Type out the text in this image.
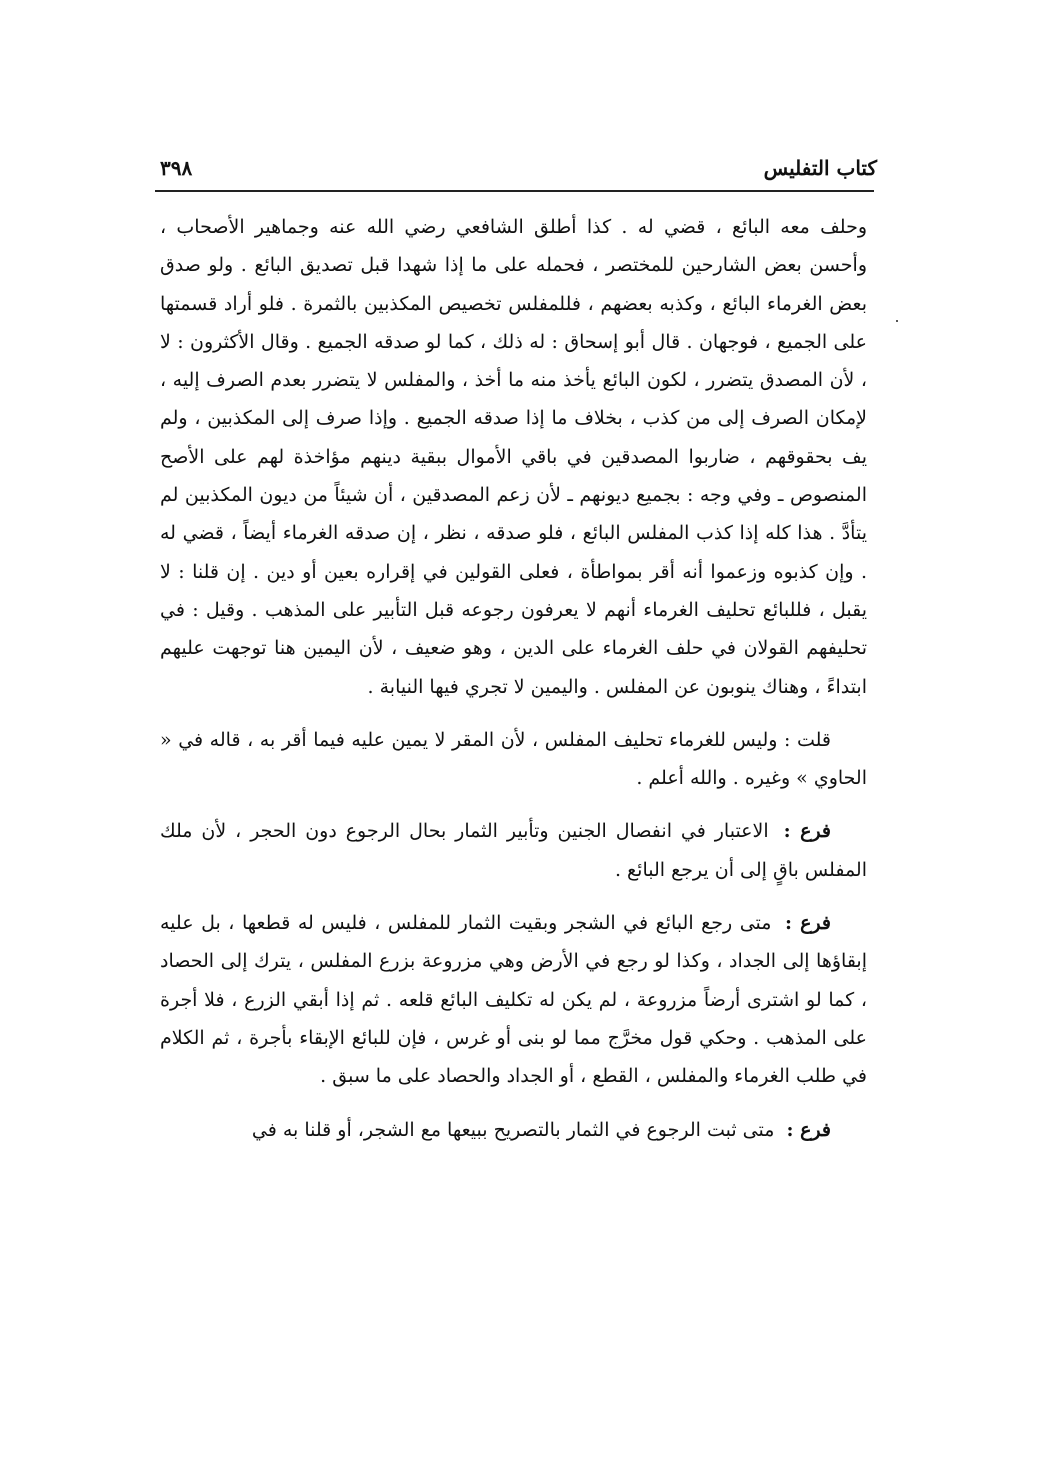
كتاب التفليس
٣٩٨

وحلف معه البائع ، قضي له . كذا أطلق الشافعي رضي الله عنه وجماهير الأصحاب ، وأحسن بعض الشارحين للمختصر ، فحمله على ما إذا شهدا قبل تصديق البائع . ولو صدق بعض الغرماء البائع ، وكذبه بعضهم ، فللمفلس تخصيص المكذبين بالثمرة . فلو أراد قسمتها على الجميع ، فوجهان . قال أبو إسحاق : له ذلك ، كما لو صدقه الجميع . وقال الأكثرون : لا ، لأن المصدق يتضرر ، لكون البائع يأخذ منه ما أخذ ، والمفلس لا يتضرر بعدم الصرف إليه ، لإمكان الصرف إلى من كذب ، بخلاف ما إذا صدقه الجميع . وإذا صرف إلى المكذبين ، ولم يف بحقوقهم ، ضاربوا المصدقين في باقي الأموال ببقية دينهم مؤاخذة لهم على الأصح المنصوص ـ وفي وجه : بجميع ديونهم ـ لأن زعم المصدقين ، أن شيئاً من ديون المكذبين لم يتأدَّ . هذا كله إذا كذب المفلس البائع ، فلو صدقه ، نظر ، إن صدقه الغرماء أيضاً ، قضي له . وإن كذبوه وزعموا أنه أقر بمواطأة ، فعلى القولين في إقراره بعين أو دين . إن قلنا : لا يقبل ، فللبائع تحليف الغرماء أنهم لا يعرفون رجوعه قبل التأبير على المذهب . وقيل : في تحليفهم القولان في حلف الغرماء على الدين ، وهو ضعيف ، لأن اليمين هنا توجهت عليهم ابتداءً ، وهناك ينوبون عن المفلس . واليمين لا تجري فيها النيابة .

قلت : وليس للغرماء تحليف المفلس ، لأن المقر لا يمين عليه فيما أقر به ، قاله في « الحاوي » وغيره . والله أعلم .

فرع : الاعتبار في انفصال الجنين وتأبير الثمار بحال الرجوع دون الحجر ، لأن ملك المفلس باقٍ إلى أن يرجع البائع .

فرع : متى رجع البائع في الشجر وبقيت الثمار للمفلس ، فليس له قطعها ، بل عليه إبقاؤها إلى الجداد ، وكذا لو رجع في الأرض وهي مزروعة بزرع المفلس ، يترك إلى الحصاد ، كما لو اشترى أرضاً مزروعة ، لم يكن له تكليف البائع قلعه . ثم إذا أبقي الزرع ، فلا أجرة على المذهب . وحكي قول مخرَّج مما لو بنى أو غرس ، فإن للبائع الإبقاء بأجرة ، ثم الكلام في طلب الغرماء والمفلس ، القطع ، أو الجداد والحصاد على ما سبق .

فرع : متى ثبت الرجوع في الثمار بالتصريح ببيعها مع الشجر، أو قلنا به في
